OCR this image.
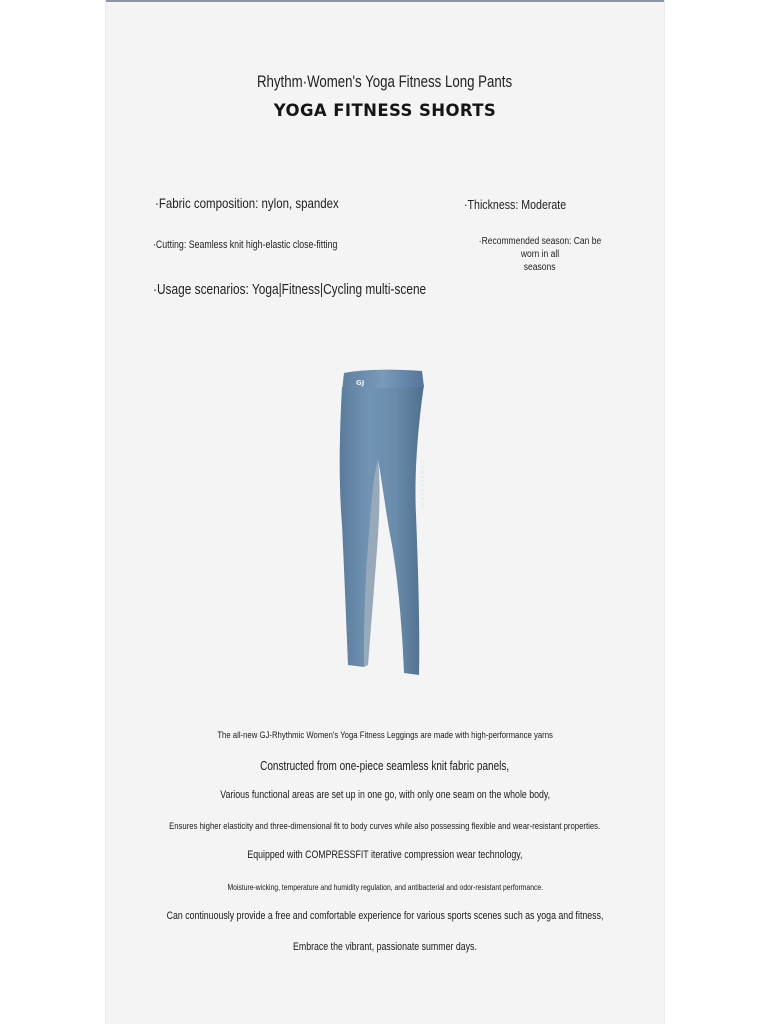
Rhythm·Women's Yoga Fitness Long Pants
YOGA FITNESS SHORTS
·Fabric composition: nylon, spandex
·Cutting: Seamless knit high-elastic close-fitting
·Usage scenarios: Yoga|Fitness|Cycling multi-scene
·Thickness: Moderate
·Recommended season: Can be worn in all
seasons
GJ
COMPRESSFIT
The all-new GJ-Rhythmic Women's Yoga Fitness Leggings are made with high-performance yarns
Constructed from one-piece seamless knit fabric panels,
Various functional areas are set up in one go, with only one seam on the whole body,
Ensures higher elasticity and three-dimensional fit to body curves while also possessing flexible and wear-resistant properties.
Equipped with COMPRESSFIT iterative compression wear technology,
Moisture-wicking, temperature and humidity regulation, and antibacterial and odor-resistant performance.
Can continuously provide a free and comfortable experience for various sports scenes such as yoga and fitness,
Embrace the vibrant, passionate summer days.
